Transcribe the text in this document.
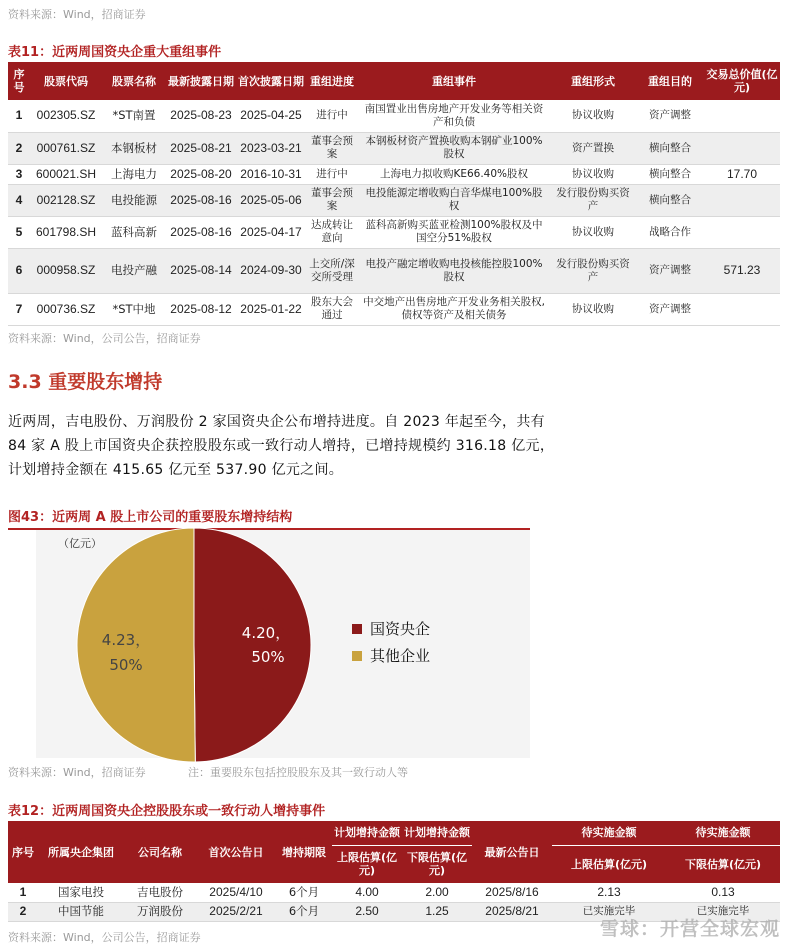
资料来源：Wind，招商证券
表11：近两周国资央企重大重组事件
序号	股票代码	股票名称	最新披露日期	首次披露日期	重组进度	重组事件	重组形式	重组目的	交易总价值(亿元)
1	002305.SZ	*ST南置	2025-08-23	2025-04-25	进行中	南国置业出售房地产开发业务等相关资产和负债	协议收购	资产调整	
2	000761.SZ	本钢板材	2025-08-21	2023-03-21	董事会预案	本钢板材资产置换收购本钢矿业100%股权	资产置换	横向整合	
3	600021.SH	上海电力	2025-08-20	2016-10-31	进行中	上海电力拟收购KE66.40%股权	协议收购	横向整合	17.70
4	002128.SZ	电投能源	2025-08-16	2025-05-06	董事会预案	电投能源定增收购白音华煤电100%股权	发行股份购买资产	横向整合	
5	601798.SH	蓝科高新	2025-08-16	2025-04-17	达成转让意向	蓝科高新购买蓝亚检测100%股权及中国空分51%股权	协议收购	战略合作	
6	000958.SZ	电投产融	2025-08-14	2024-09-30	上交所/深交所受理	电投产融定增收购电投核能控股100%股权	发行股份购买资产	资产调整	571.23
7	000736.SZ	*ST中地	2025-08-12	2025-01-22	股东大会通过	中交地产出售房地产开发业务相关股权,债权等资产及相关债务	协议收购	资产调整	
资料来源：Wind，公司公告，招商证券
3.3 重要股东增持
近两周，吉电股份、万润股份 2 家国资央企公布增持进度。自 2023 年起至今，共有 84 家 A 股上市国资央企获控股股东或一致行动人增持，已增持规模约 316.18 亿元，计划增持金额在 415.65 亿元至 537.90 亿元之间。
图43：近两周 A 股上市公司的重要股东增持结构
（亿元）
4.20，
50%
4.23，
50%
国资央企
其他企业
资料来源：Wind，招商证券	注：重要股东包括控股股东及其一致行动人等
表12：近两周国资央企控股股东或一致行动人增持事件
序号	所属央企集团	公司名称	首次公告日	增持期限	计划增持金额	计划增持金额	最新公告日	待实施金额	待实施金额
					上限估算(亿元)	下限估算(亿元)		上限估算(亿元)	下限估算(亿元)
1	国家电投	吉电股份	2025/4/10	6个月	4.00	2.00	2025/8/16	2.13	0.13
2	中国节能	万润股份	2025/2/21	6个月	2.50	1.25	2025/8/21	已实施完毕	已实施完毕
资料来源：Wind，公司公告，招商证券	雪球：开营全球宏观
